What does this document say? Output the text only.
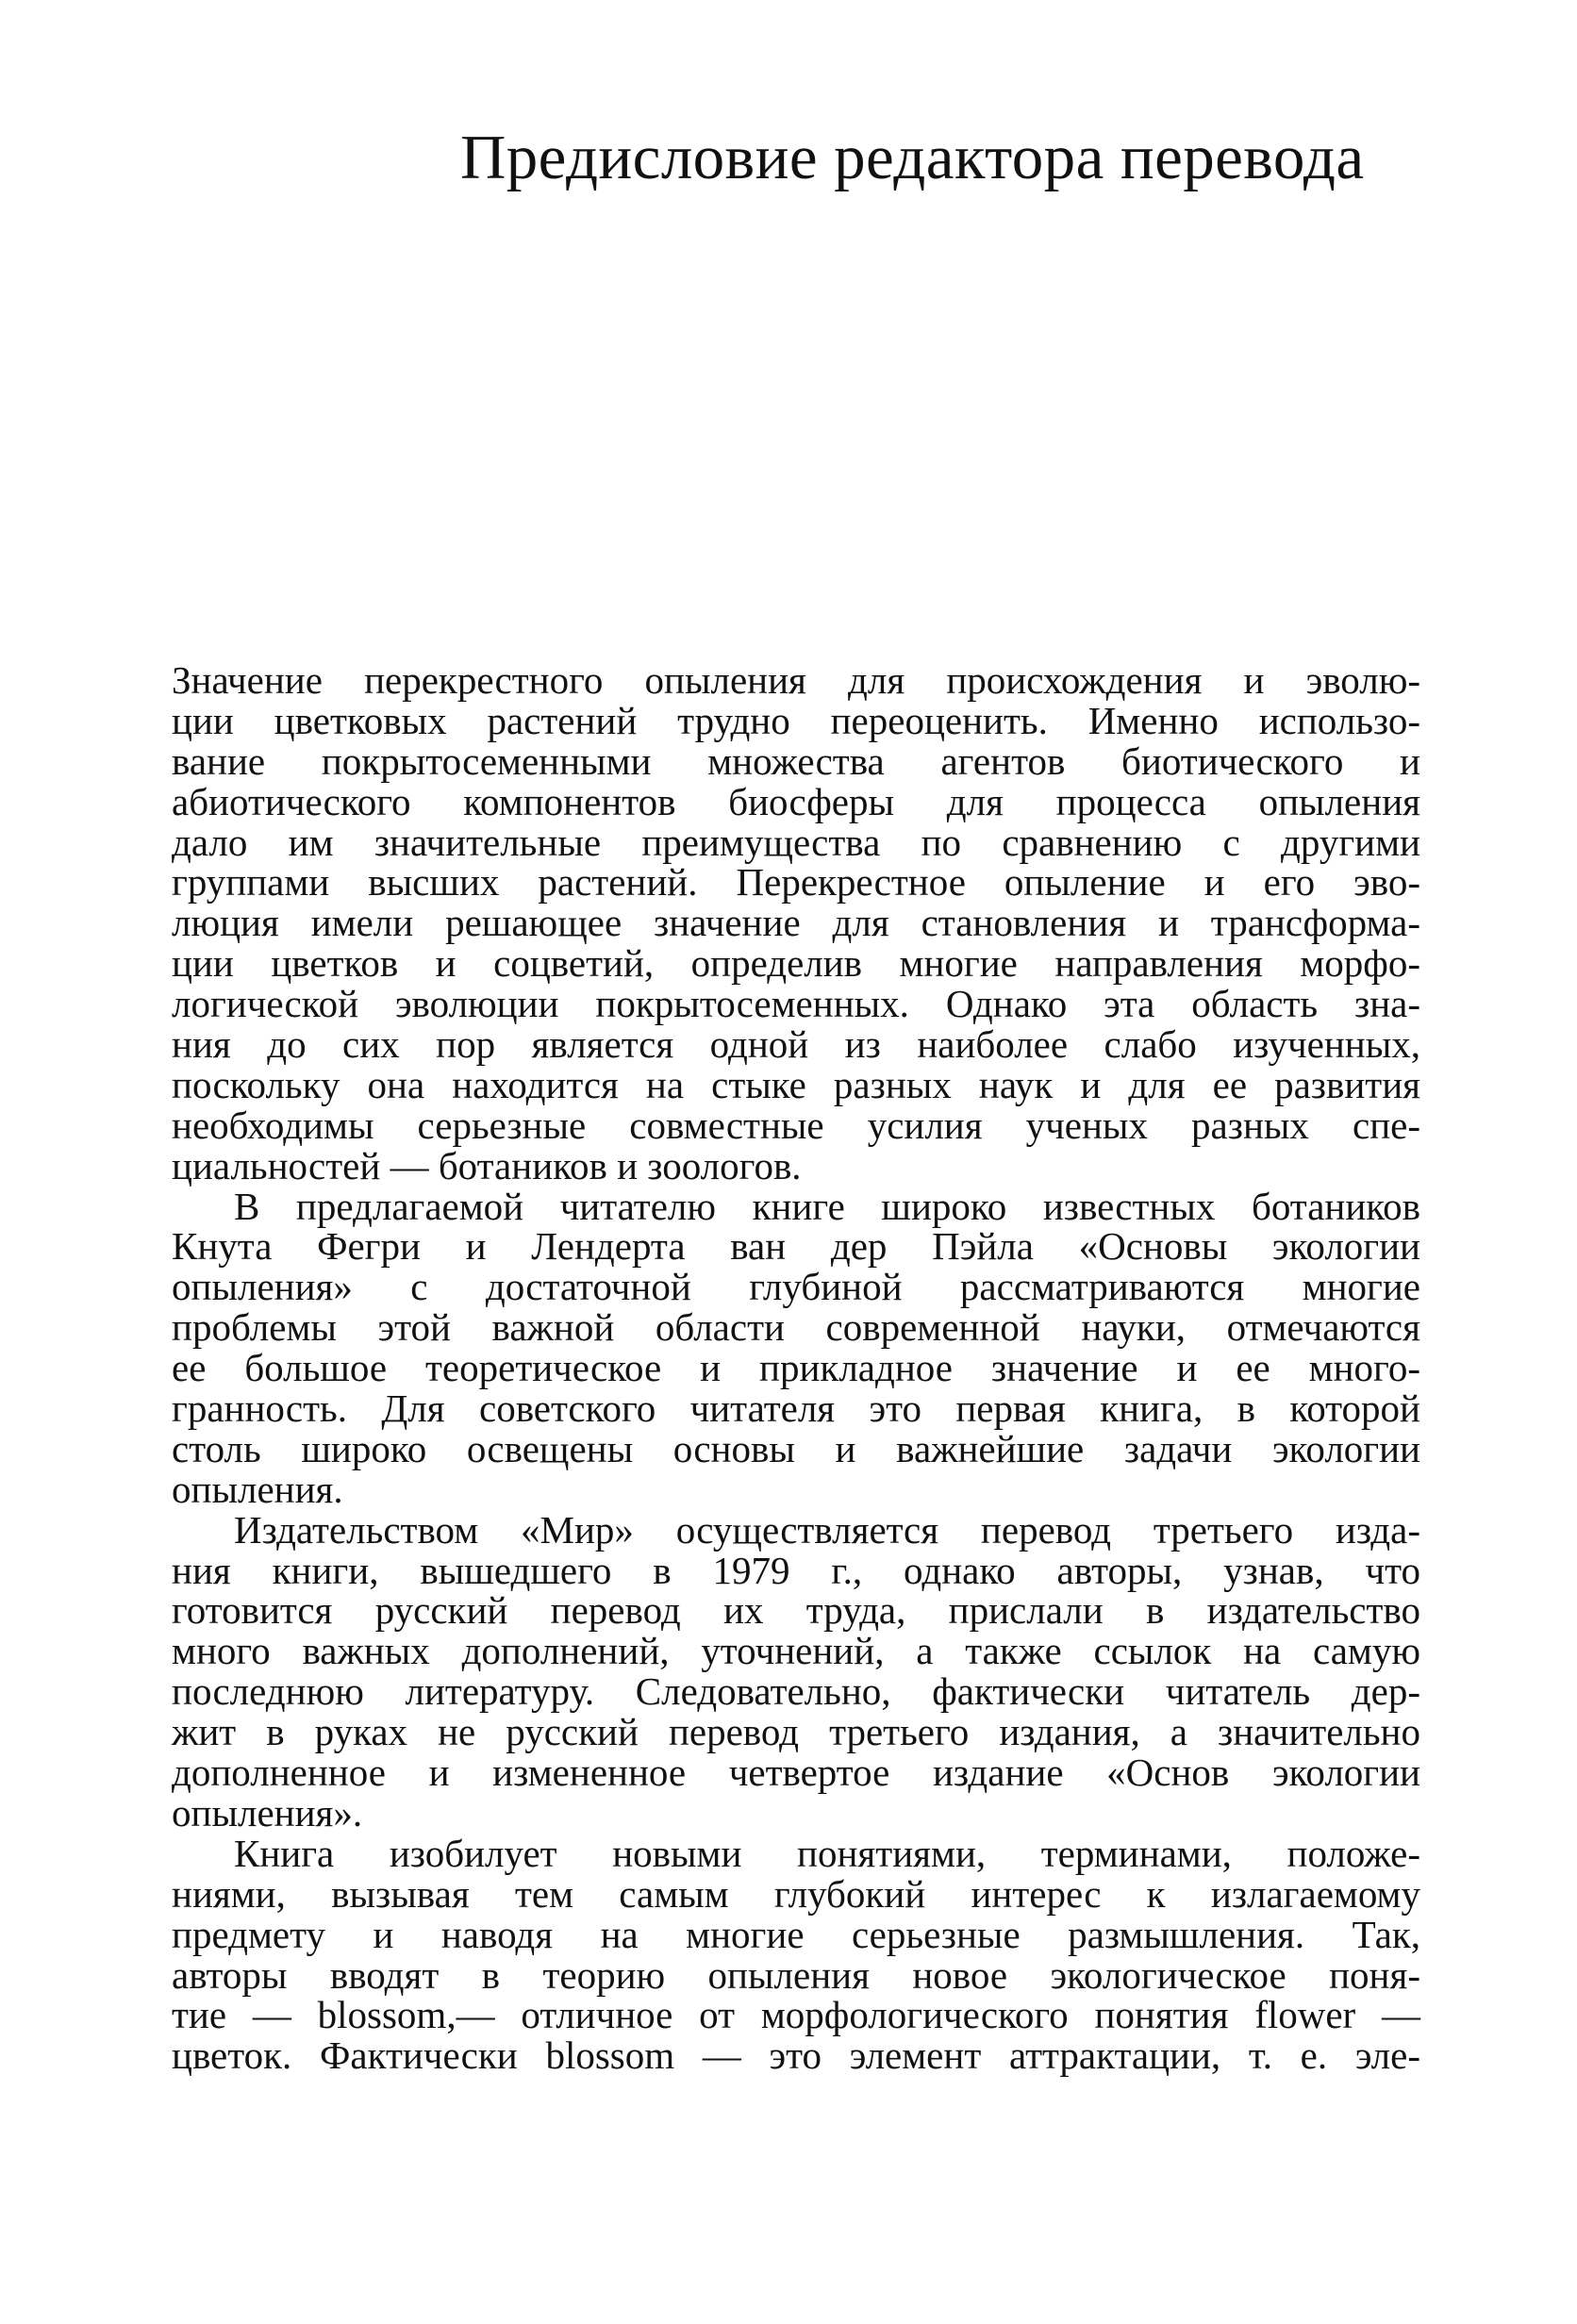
Предисловие редактора перевода

Значение перекрестного опыления для происхождения и эволю-
ции цветковых растений трудно переоценить. Именно использо-
вание покрытосеменными множества агентов биотического и
абиотического компонентов биосферы для процесса опыления
дало им значительные преимущества по сравнению с другими
группами высших растений. Перекрестное опыление и его эво-
люция имели решающее значение для становления и трансформа-
ции цветков и соцветий, определив многие направления морфо-
логической эволюции покрытосеменных. Однако эта область зна-
ния до сих пор является одной из наиболее слабо изученных,
поскольку она находится на стыке разных наук и для ее развития
необходимы серьезные совместные усилия ученых разных спе-
циальностей — ботаников и зоологов.

В предлагаемой читателю книге широко известных ботаников
Кнута Фегри и Лендерта ван дер Пэйла «Основы экологии
опыления» с достаточной глубиной рассматриваются многие
проблемы этой важной области современной науки, отмечаются
ее большое теоретическое и прикладное значение и ее много-
гранность. Для советского читателя это первая книга, в которой
столь широко освещены основы и важнейшие задачи экологии
опыления.

Издательством «Мир» осуществляется перевод третьего изда-
ния книги, вышедшего в 1979 г., однако авторы, узнав, что
готовится русский перевод их труда, прислали в издательство
много важных дополнений, уточнений, а также ссылок на самую
последнюю литературу. Следовательно, фактически читатель дер-
жит в руках не русский перевод третьего издания, а значительно
дополненное и измененное четвертое издание «Основ экологии
опыления».

Книга изобилует новыми понятиями, терминами, положе-
ниями, вызывая тем самым глубокий интерес к излагаемому
предмету и наводя на многие серьезные размышления. Так,
авторы вводят в теорию опыления новое экологическое поня-
тие — blossom,— отличное от морфологического понятия flower —
цветок. Фактически blossom — это элемент аттрактации, т. е. эле-
